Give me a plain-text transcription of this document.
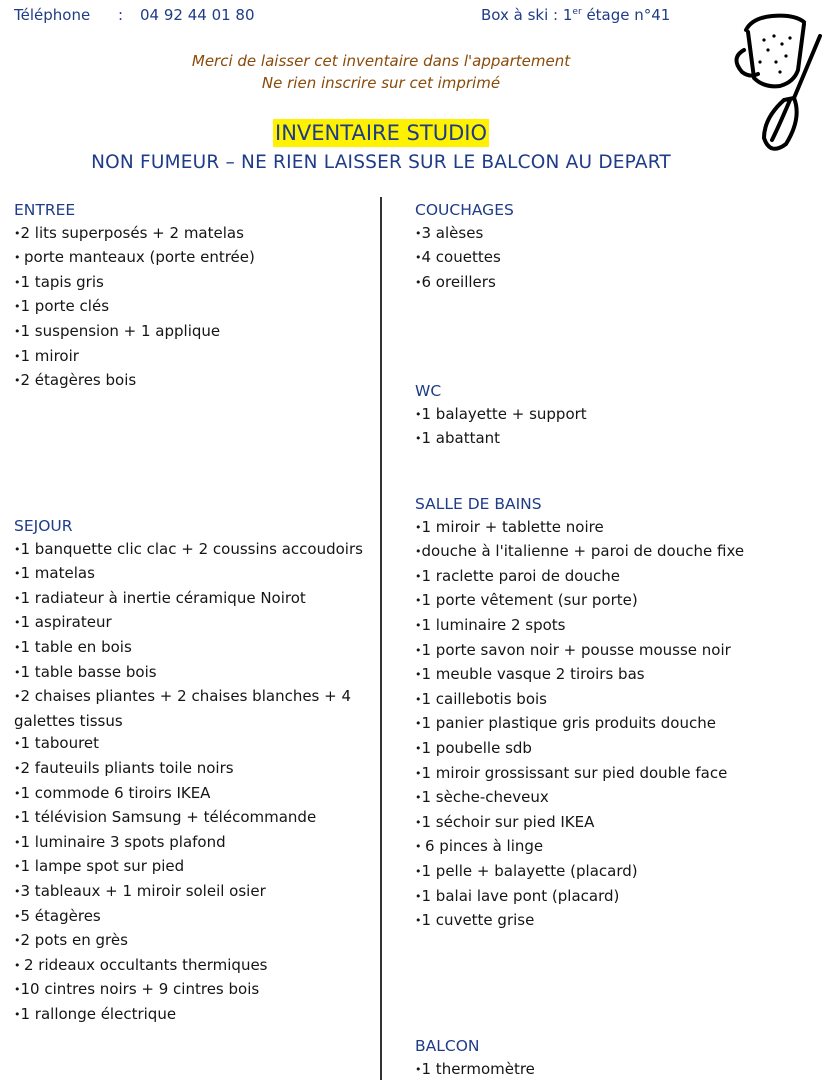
Téléphone : 04 92 44 01 80	Box à ski : 1er étage n°41
Merci de laisser cet inventaire dans l'appartement
Ne rien inscrire sur cet imprimé
INVENTAIRE STUDIO
NON FUMEUR – NE RIEN LAISSER SUR LE BALCON AU DEPART
ENTREE
• 2 lits superposés + 2 matelas
• porte manteaux (porte entrée)
• 1 tapis gris
• 1 porte clés
• 1 suspension + 1 applique
• 1 miroir
• 2 étagères bois
SEJOUR
• 1 banquette clic clac + 2 coussins accoudoirs
• 1 matelas
• 1 radiateur à inertie céramique Noirot
• 1 aspirateur
• 1 table en bois
• 1 table basse bois
• 2 chaises pliantes + 2 chaises blanches + 4
galettes tissus
• 1 tabouret
• 2 fauteuils pliants toile noirs
• 1 commode 6 tiroirs IKEA
• 1 télévision Samsung + télécommande
• 1 luminaire 3 spots plafond
• 1 lampe spot sur pied
• 3 tableaux + 1 miroir soleil osier
• 5 étagères
• 2 pots en grès
• 2 rideaux occultants thermiques
• 10 cintres noirs + 9 cintres bois
• 1 rallonge électrique
COUCHAGES
• 3 alèses
• 4 couettes
• 6 oreillers
WC
• 1 balayette + support
• 1 abattant
SALLE DE BAINS
• 1 miroir + tablette noire
• douche à l'italienne + paroi de douche fixe
• 1 raclette paroi de douche
• 1 porte vêtement (sur porte)
• 1 luminaire 2 spots
• 1 porte savon noir + pousse mousse noir
• 1 meuble vasque 2 tiroirs bas
• 1 caillebotis bois
• 1 panier plastique gris produits douche
• 1 poubelle sdb
• 1 miroir grossissant sur pied double face
• 1 sèche-cheveux
• 1 séchoir sur pied IKEA
• 6 pinces à linge
• 1 pelle + balayette (placard)
• 1 balai lave pont (placard)
• 1 cuvette grise
BALCON
• 1 thermomètre
